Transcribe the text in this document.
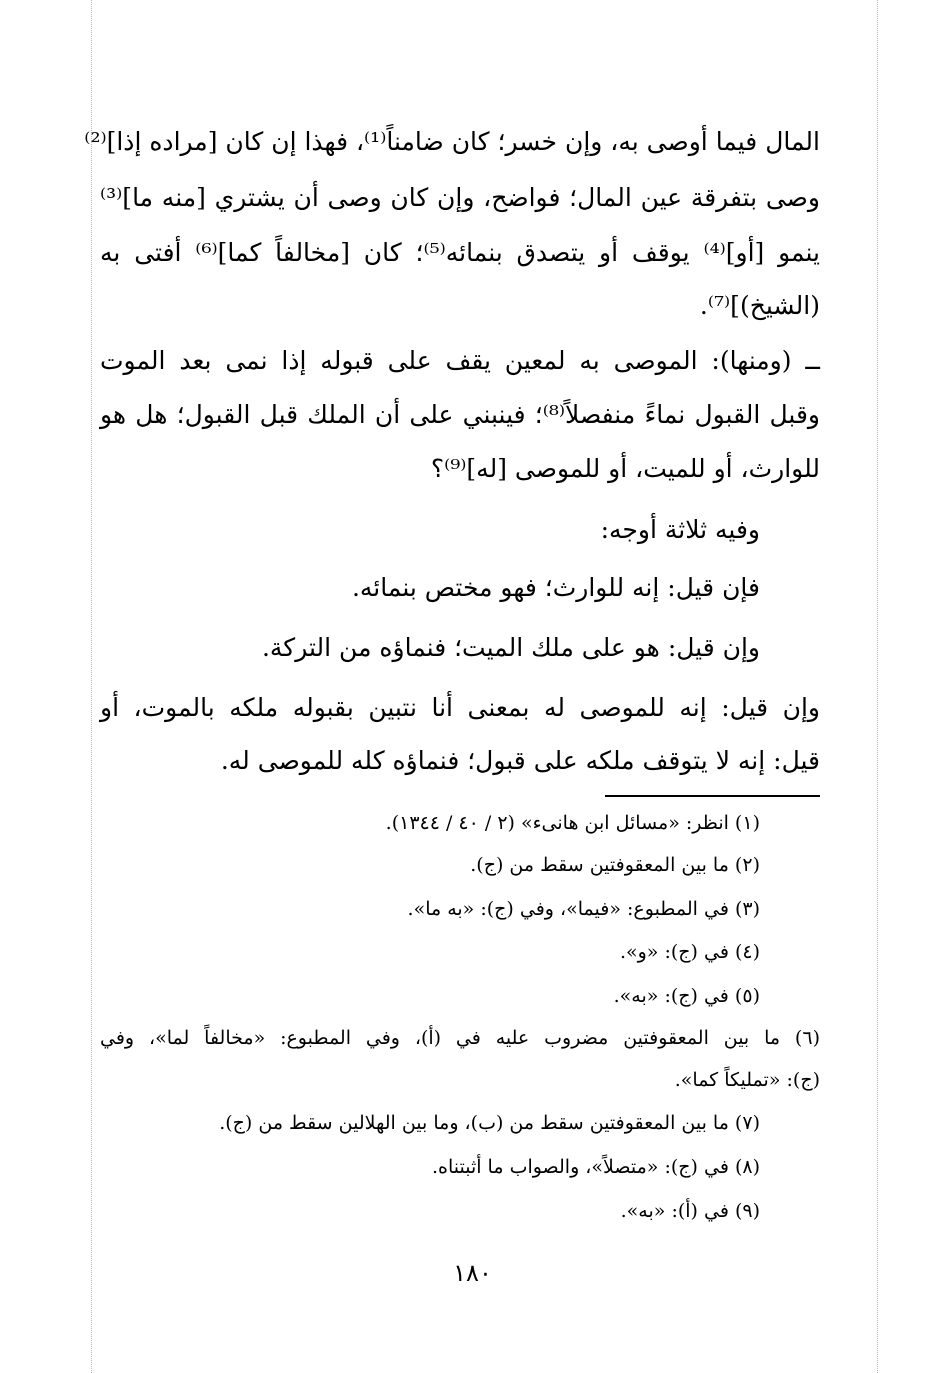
المال فيما أوصى به، وإن خسر؛ كان ضامناً⁽¹⁾، فهذا إن كان [مراده إذا]⁽²⁾
وصى بتفرقة عين المال؛ فواضح، وإن كان وصى أن يشتري [منه ما]⁽³⁾
ينمو [أو]⁽⁴⁾ يوقف أو يتصدق بنمائه⁽⁵⁾؛ كان [مخالفاً كما]⁽⁶⁾ أفتى به
(الشيخ)]⁽⁷⁾.
ــ (ومنها): الموصى به لمعين يقف على قبوله إذا نمى بعد الموت
وقبل القبول نماءً منفصلاً⁽⁸⁾؛ فينبني على أن الملك قبل القبول؛ هل هو
للوارث، أو للميت، أو للموصى [له]⁽⁹⁾؟
وفيه ثلاثة أوجه:
فإن قيل: إنه للوارث؛ فهو مختص بنمائه.
وإن قيل: هو على ملك الميت؛ فنماؤه من التركة.
وإن قيل: إنه للموصى له بمعنى أنا نتبين بقبوله ملكه بالموت، أو
قيل: إنه لا يتوقف ملكه على قبول؛ فنماؤه كله للموصى له.
(١) انظر: «مسائل ابن هانىء» (٢ / ٤٠ / ١٣٤٤).
(٢) ما بين المعقوفتين سقط من (ج).
(٣) في المطبوع: «فيما»، وفي (ج): «به ما».
(٤) في (ج): «و».
(٥) في (ج): «به».
(٦) ما بين المعقوفتين مضروب عليه في (أ)، وفي المطبوع: «مخالفاً لما»، وفي
(ج): «تمليكاً كما».
(٧) ما بين المعقوفتين سقط من (ب)، وما بين الهلالين سقط من (ج).
(٨) في (ج): «متصلاً»، والصواب ما أثبتناه.
(٩) في (أ): «به».
١٨٠
